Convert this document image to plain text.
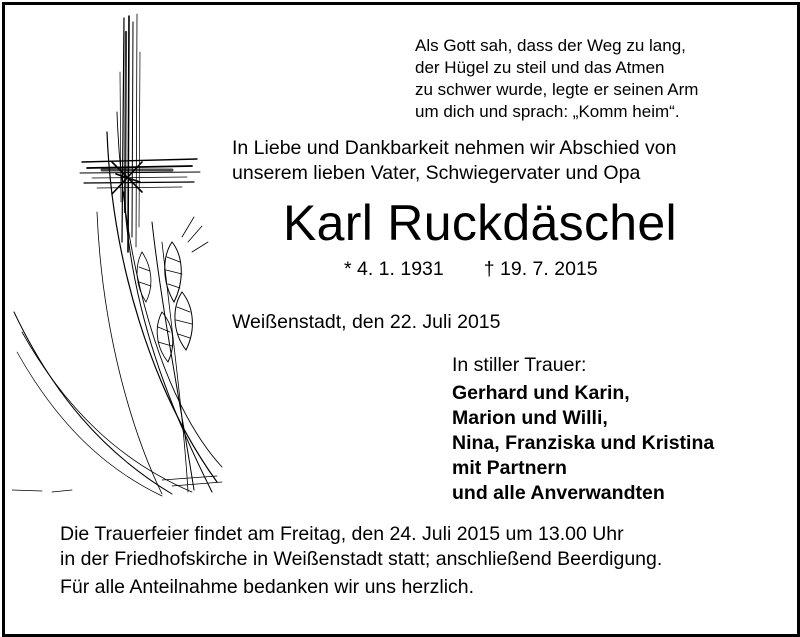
Als Gott sah, dass der Weg zu lang,
der Hügel zu steil und das Atmen
zu schwer wurde, legte er seinen Arm
um dich und sprach: „Komm heim“.
In Liebe und Dankbarkeit nehmen wir Abschied von
unserem lieben Vater, Schwiegervater und Opa
Karl Ruckdäschel
* 4. 1. 1931 † 19. 7. 2015
Weißenstadt, den 22. Juli 2015
In stiller Trauer:
Gerhard und Karin,
Marion und Willi,
Nina, Franziska und Kristina
mit Partnern
und alle Anverwandten
Die Trauerfeier findet am Freitag, den 24. Juli 2015 um 13.00 Uhr
in der Friedhofskirche in Weißenstadt statt; anschließend Beerdigung.
Für alle Anteilnahme bedanken wir uns herzlich.
